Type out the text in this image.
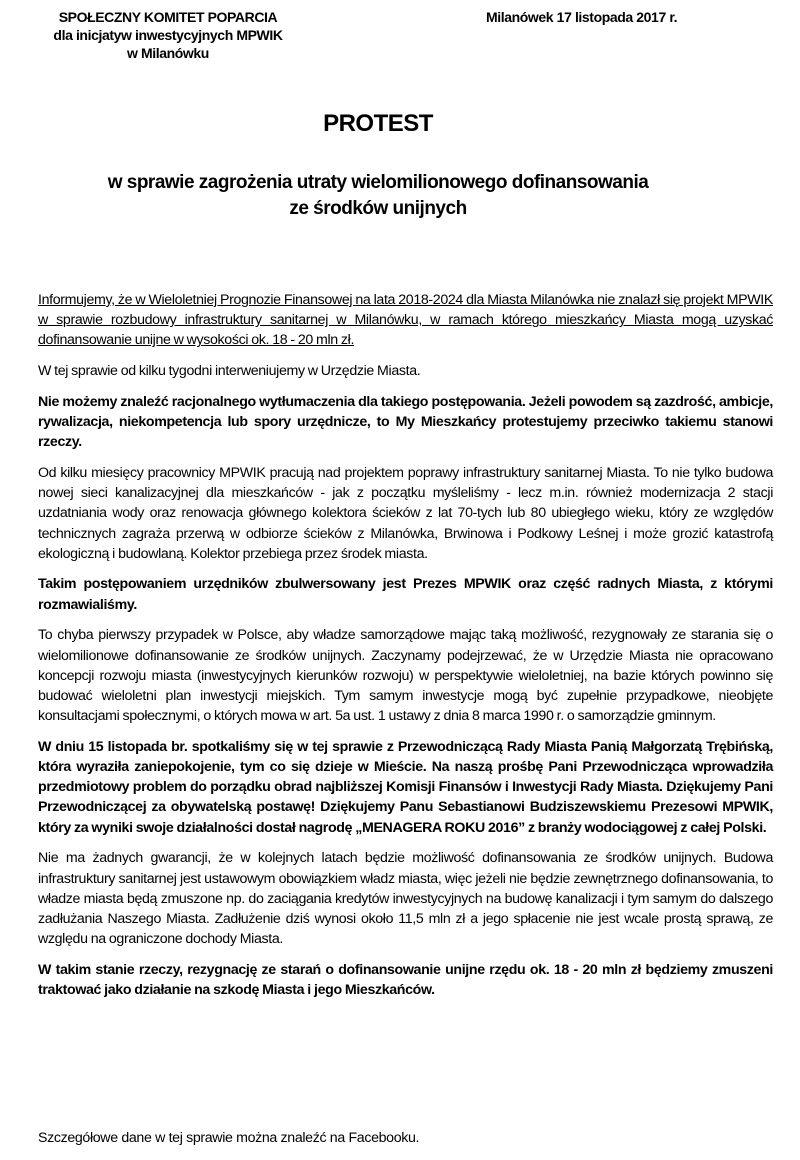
SPOŁECZNY KOMITET POPARCIA
dla inicjatyw inwestycyjnych MPWIK
w Milanówku
Milanówek 17 listopada 2017 r.
PROTEST
w sprawie zagrożenia utraty wielomilionowego dofinansowania
ze środków unijnych

Informujemy, że w Wieloletniej Prognozie Finansowej na lata 2018-2024 dla Miasta Milanówka nie znalazł się projekt MPWIK w sprawie rozbudowy infrastruktury sanitarnej w Milanówku, w ramach którego mieszkańcy Miasta mogą uzyskać dofinansowanie unijne w wysokości ok. 18 - 20 mln zł.

W tej sprawie od kilku tygodni interweniujemy w Urzędzie Miasta.

Nie możemy znaleźć racjonalnego wytłumaczenia dla takiego postępowania. Jeżeli powodem są zazdrość, ambicje, rywalizacja, niekompetencja lub spory urzędnicze, to My Mieszkańcy protestujemy przeciwko takiemu stanowi rzeczy.

Od kilku miesięcy pracownicy MPWIK pracują nad projektem poprawy infrastruktury sanitarnej Miasta. To nie tylko budowa nowej sieci kanalizacyjnej dla mieszkańców - jak z początku myśleliśmy - lecz m.in. również modernizacja 2 stacji uzdatniania wody oraz renowacja głównego kolektora ścieków z lat 70-tych lub 80 ubiegłego wieku, który ze względów technicznych zagraża przerwą w odbiorze ścieków z Milanówka, Brwinowa i Podkowy Leśnej i może grozić katastrofą ekologiczną i budowlaną. Kolektor przebiega przez środek miasta.

Takim postępowaniem urzędników zbulwersowany jest Prezes MPWIK oraz część radnych Miasta, z którymi rozmawialiśmy.

To chyba pierwszy przypadek w Polsce, aby władze samorządowe mając taką możliwość, rezygnowały ze starania się o wielomilionowe dofinansowanie ze środków unijnych. Zaczynamy podejrzewać, że w Urzędzie Miasta nie opracowano koncepcji rozwoju miasta (inwestycyjnych kierunków rozwoju) w perspektywie wieloletniej, na bazie których powinno się budować wieloletni plan inwestycji miejskich. Tym samym inwestycje mogą być zupełnie przypadkowe, nieobjęte konsultacjami społecznymi, o których mowa w art. 5a ust. 1 ustawy z dnia 8 marca 1990 r. o samorządzie gminnym.

W dniu 15 listopada br. spotkaliśmy się w tej sprawie z Przewodniczącą Rady Miasta Panią Małgorzatą Trębińską, która wyraziła zaniepokojenie, tym co się dzieje w Mieście. Na naszą prośbę Pani Przewodnicząca wprowadziła przedmiotowy problem do porządku obrad najbliższej Komisji Finansów i Inwestycji Rady Miasta. Dziękujemy Pani Przewodniczącej za obywatelską postawę! Dziękujemy Panu Sebastianowi Budziszewskiemu Prezesowi MPWIK, który za wyniki swoje działalności dostał nagrodę „MENAGERA ROKU 2016” z branży wodociągowej z całej Polski.

Nie ma żadnych gwarancji, że w kolejnych latach będzie możliwość dofinansowania ze środków unijnych. Budowa infrastruktury sanitarnej jest ustawowym obowiązkiem władz miasta, więc jeżeli nie będzie zewnętrznego dofinansowania, to władze miasta będą zmuszone np. do zaciągania kredytów inwestycyjnych na budowę kanalizacji i tym samym do dalszego zadłużania Naszego Miasta. Zadłużenie dziś wynosi około 11,5 mln zł a jego spłacenie nie jest wcale prostą sprawą, ze względu na ograniczone dochody Miasta.

W takim stanie rzeczy, rezygnację ze starań o dofinansowanie unijne rzędu ok. 18 - 20 mln zł będziemy zmuszeni traktować jako działanie na szkodę Miasta i jego Mieszkańców.

Szczegółowe dane w tej sprawie można znaleźć na Facebooku.
